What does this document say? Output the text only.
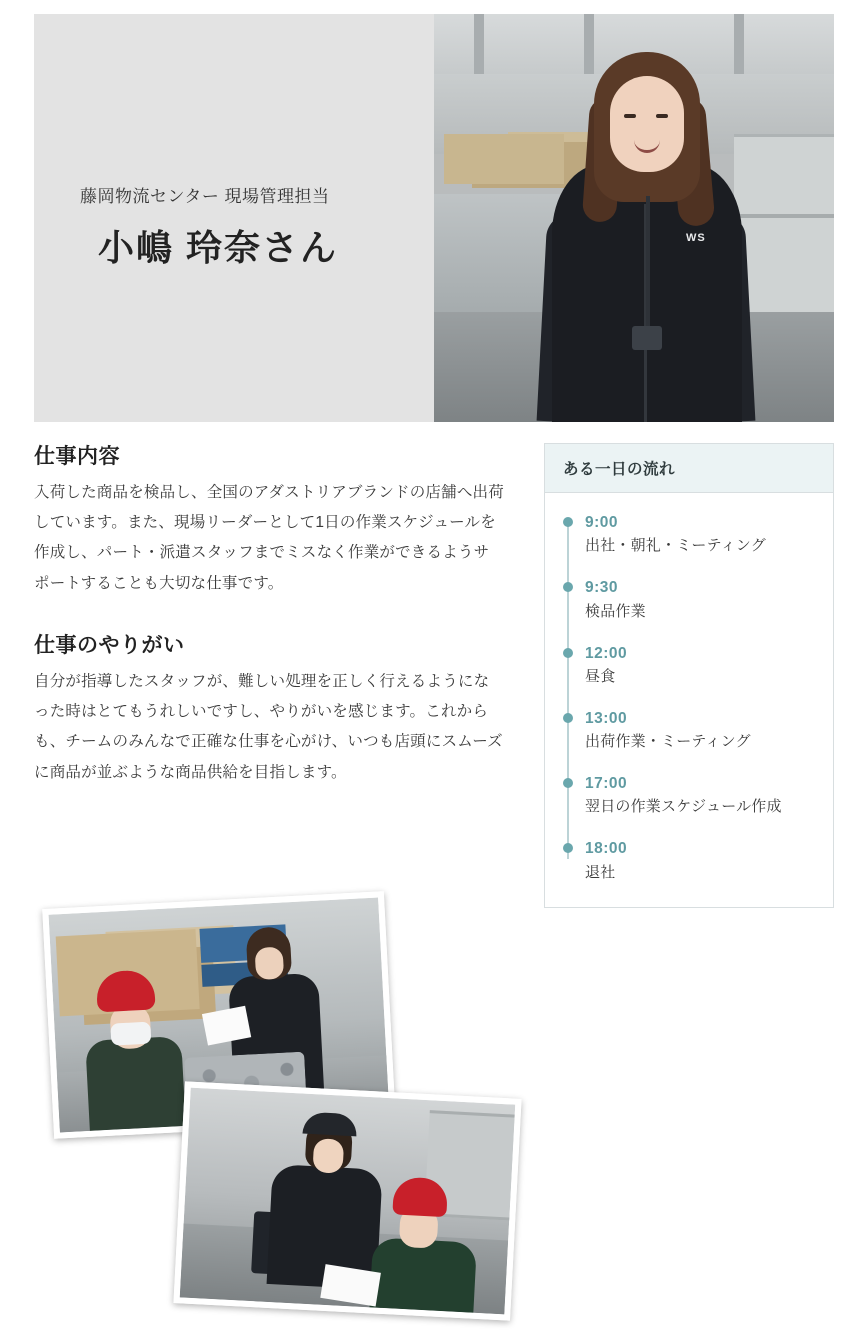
藤岡物流センター 現場管理担当
小嶋 玲奈さん	WS
仕事内容

入荷した商品を検品し、全国のアダストリアブランドの店舗へ出荷しています。また、現場リーダーとして1日の作業スケジュールを作成し、パート・派遣スタッフまでミスなく作業ができるようサポートすることも大切な仕事です。

仕事のやりがい

自分が指導したスタッフが、難しい処理を正しく行えるようになった時はとてもうれしいですし、やりがいを感じます。これからも、チームのみんなで正確な仕事を心がけ、いつも店頭にスムーズに商品が並ぶような商品供給を目指します。

ある一日の流れ
9:00
出社・朝礼・ミーティング
9:30
検品作業
12:00
昼食
13:00
出荷作業・ミーティング
17:00
翌日の作業スケジュール作成
18:00
退社
